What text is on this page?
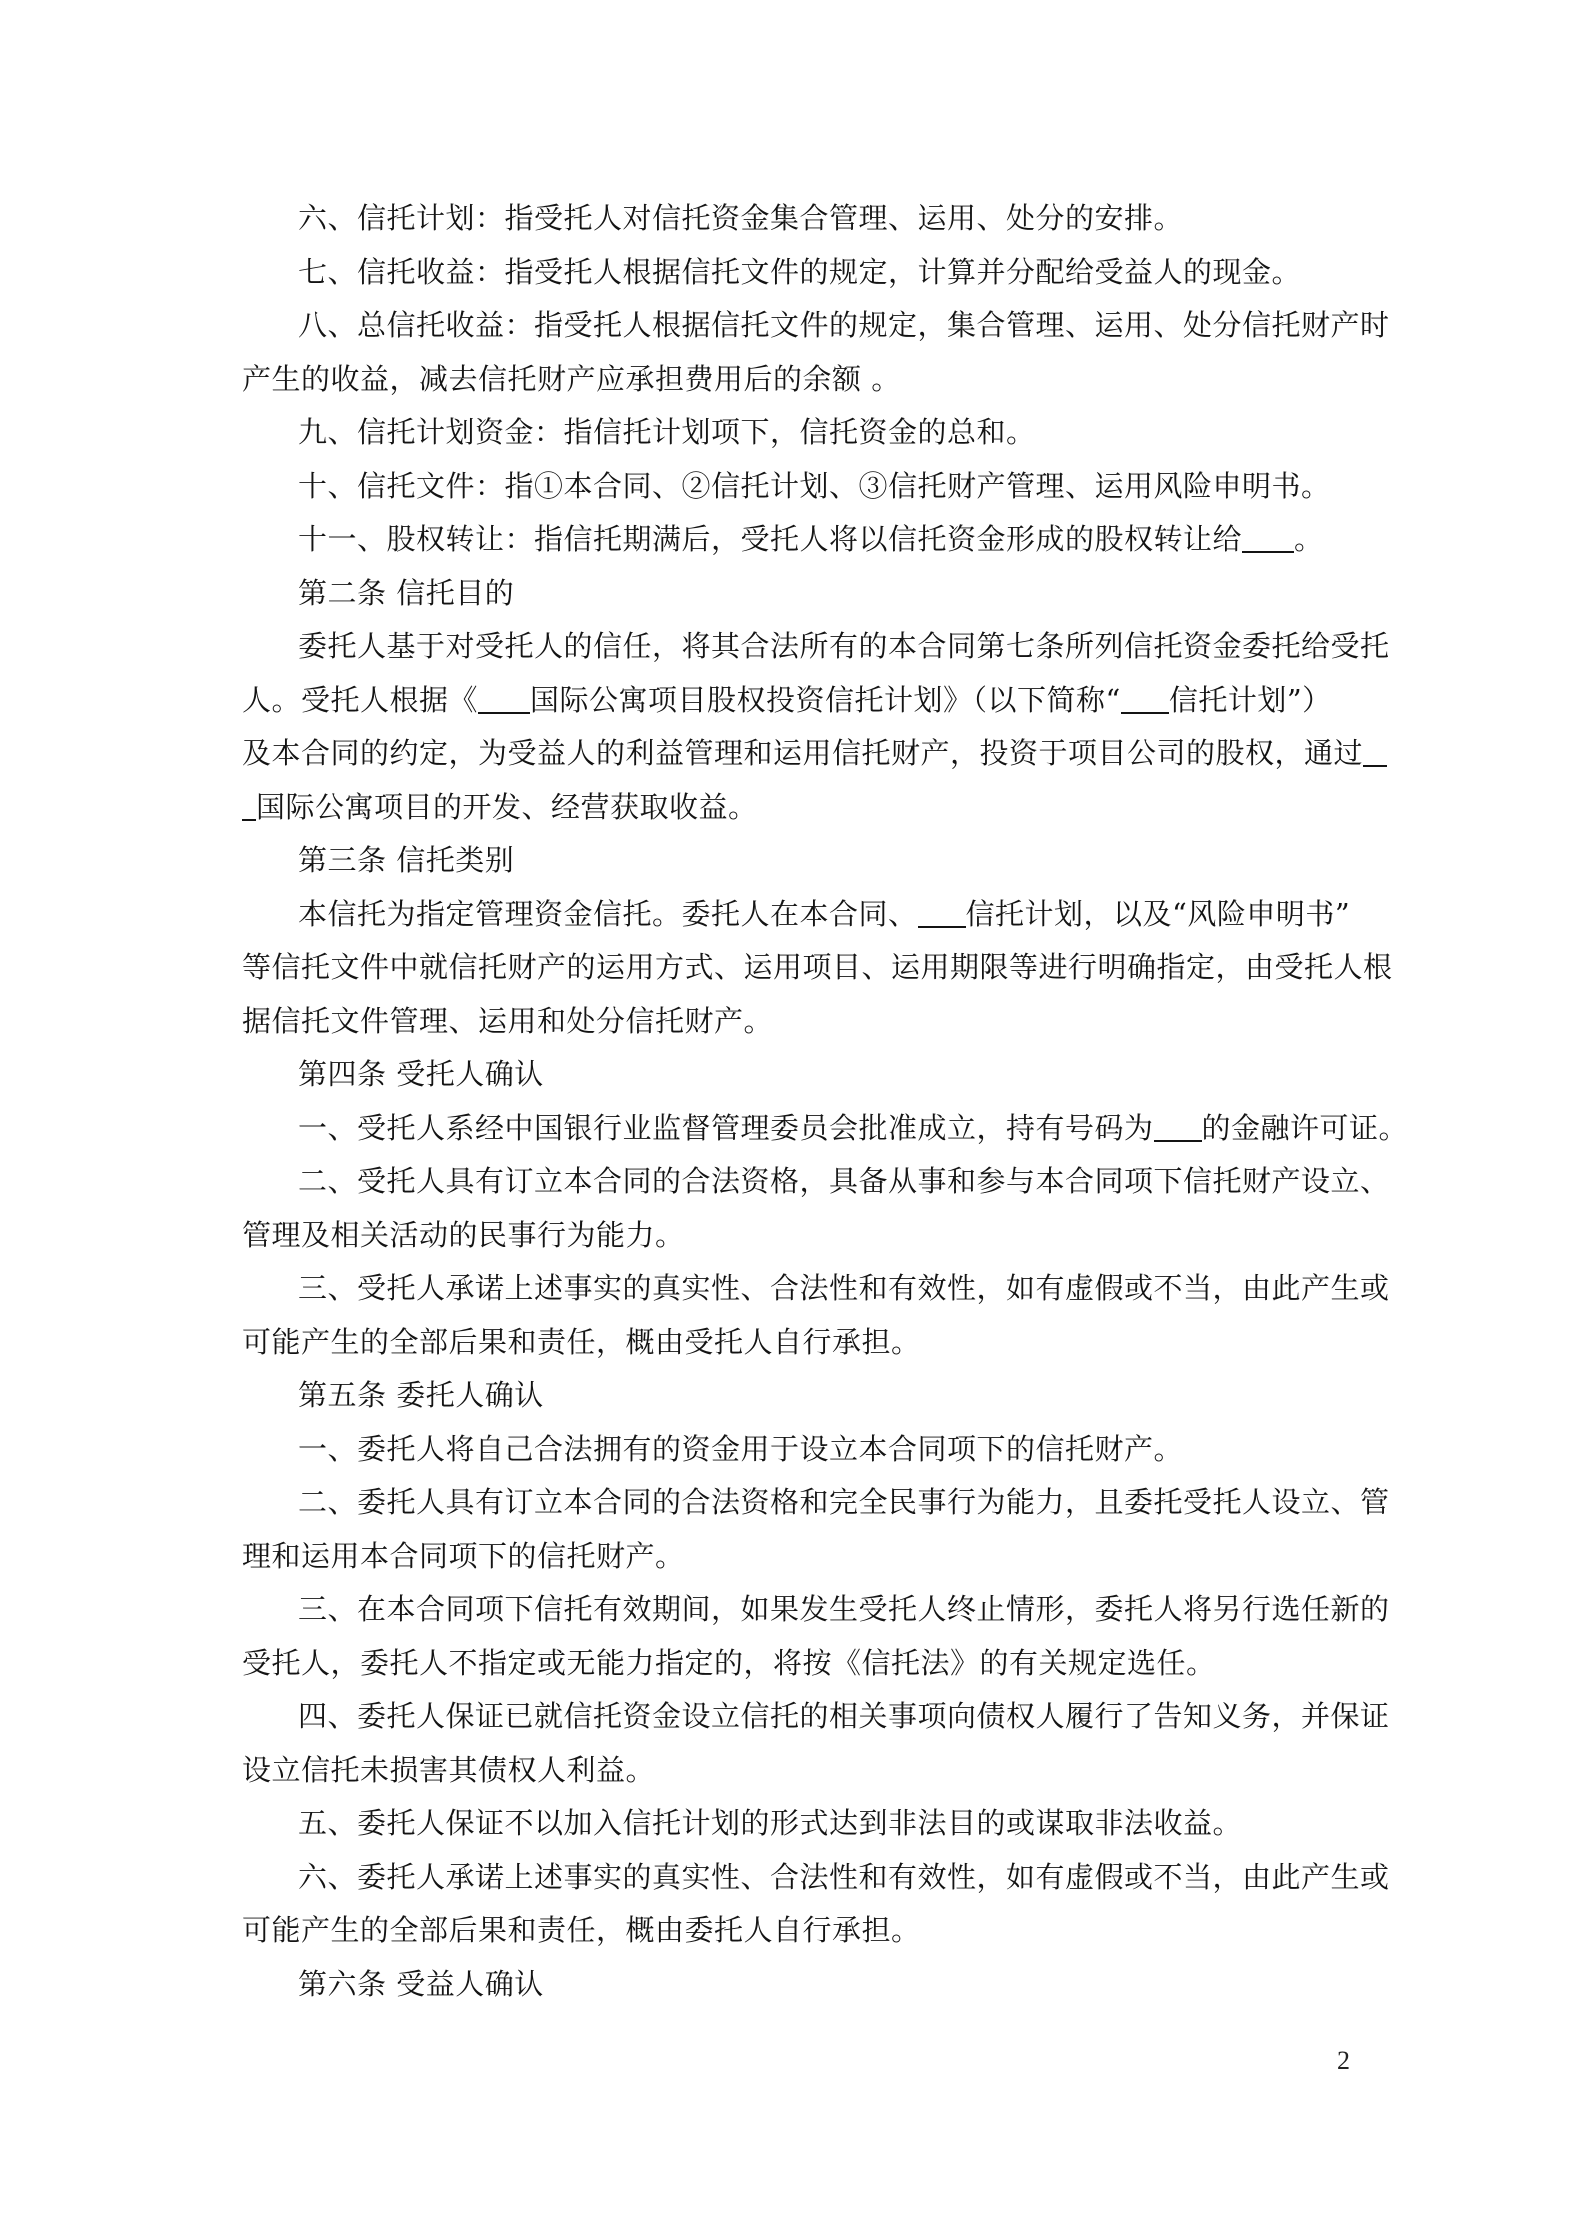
六、信托计划：指受托人对信托资金集合管理、运用、处分的安排。
七、信托收益：指受托人根据信托文件的规定，计算并分配给受益人的现金。
八、总信托收益：指受托人根据信托文件的规定，集合管理、运用、处分信托财产时
产生的收益，减去信托财产应承担费用后的余额 。
九、信托计划资金：指信托计划项下，信托资金的总和。
十、信托文件：指①本合同、②信托计划、③信托财产管理、运用风险申明书。
十一、股权转让：指信托期满后，受托人将以信托资金形成的股权转让给 。
第二条 信托目的
委托人基于对受托人的信任，将其合法所有的本合同第七条所列信托资金委托给受托
人。受托人根据《 国际公寓项目股权投资信托计划》（以下简称“ 信托计划”）
及本合同的约定，为受益人的利益管理和运用信托财产，投资于项目公司的股权，通过
国际公寓项目的开发、经营获取收益。
第三条 信托类别
本信托为指定管理资金信托。委托人在本合同、 信托计划，以及“风险申明书”
等信托文件中就信托财产的运用方式、运用项目、运用期限等进行明确指定，由受托人根
据信托文件管理、运用和处分信托财产。
第四条 受托人确认
一、受托人系经中国银行业监督管理委员会批准成立，持有号码为 的金融许可证。
二、受托人具有订立本合同的合法资格，具备从事和参与本合同项下信托财产设立、
管理及相关活动的民事行为能力。
三、受托人承诺上述事实的真实性、合法性和有效性，如有虚假或不当，由此产生或
可能产生的全部后果和责任，概由受托人自行承担。
第五条 委托人确认
一、委托人将自己合法拥有的资金用于设立本合同项下的信托财产。
二、委托人具有订立本合同的合法资格和完全民事行为能力，且委托受托人设立、管
理和运用本合同项下的信托财产。
三、在本合同项下信托有效期间，如果发生受托人终止情形，委托人将另行选任新的
受托人，委托人不指定或无能力指定的，将按《信托法》的有关规定选任。
四、委托人保证已就信托资金设立信托的相关事项向债权人履行了告知义务，并保证
设立信托未损害其债权人利益。
五、委托人保证不以加入信托计划的形式达到非法目的或谋取非法收益。
六、委托人承诺上述事实的真实性、合法性和有效性，如有虚假或不当，由此产生或
可能产生的全部后果和责任，概由委托人自行承担。
第六条 受益人确认
2
